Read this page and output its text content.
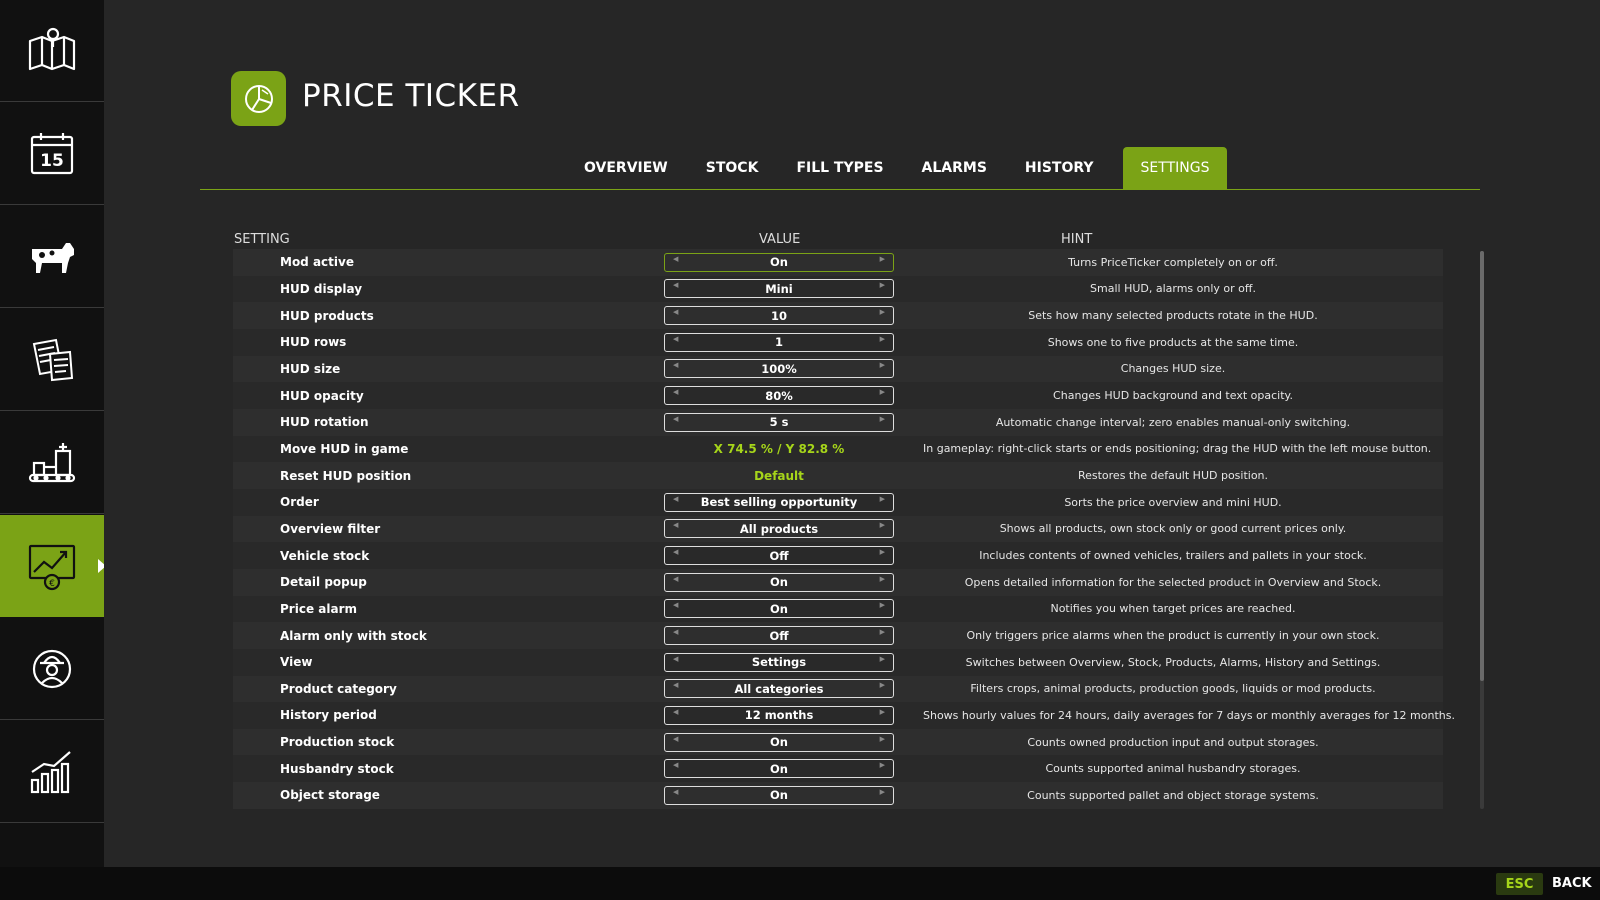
15
€
PRICE TICKER
OVERVIEW	STOCK	FILL TYPES	ALARMS	HISTORY	SETTINGS
SETTING	VALUE	HINT
Mod active	◀	On	▶	Turns PriceTicker completely on or off.
HUD display	◀	Mini	▶	Small HUD, alarms only or off.
HUD products	◀	10	▶	Sets how many selected products rotate in the HUD.
HUD rows	◀	1	▶	Shows one to five products at the same time.
HUD size	◀	100%	▶	Changes HUD size.
HUD opacity	◀	80%	▶	Changes HUD background and text opacity.
HUD rotation	◀	5 s	▶	Automatic change interval; zero enables manual-only switching.
Move HUD in game	X 74.5 % / Y 82.8 %	In gameplay: right-click starts or ends positioning; drag the HUD with the left mouse button.
Reset HUD position	Default	Restores the default HUD position.
Order	◀ Best selling opportunity	▶	Sorts the price overview and mini HUD.
Overview filter	◀	All products	▶	Shows all products, own stock only or good current prices only.
Vehicle stock	◀	Off	▶	Includes contents of owned vehicles, trailers and pallets in your stock.
Detail popup	◀	On	▶	Opens detailed information for the selected product in Overview and Stock.
Price alarm	◀	On	▶	Notifies you when target prices are reached.
Alarm only with stock	◀	Off	▶	Only triggers price alarms when the product is currently in your own stock.
View	◀	Settings	▶	Switches between Overview, Stock, Products, Alarms, History and Settings.
Product category	◀	All categories	▶	Filters crops, animal products, production goods, liquids or mod products.
History period	◀	12 months	▶	Shows hourly values for 24 hours, daily averages for 7 days or monthly averages for 12 months.
Production stock	◀	On	▶	Counts owned production input and output storages.
Husbandry stock	◀	On	▶	Counts supported animal husbandry storages.
Object storage	◀	On	▶	Counts supported pallet and object storage systems.
ESC	BACK
